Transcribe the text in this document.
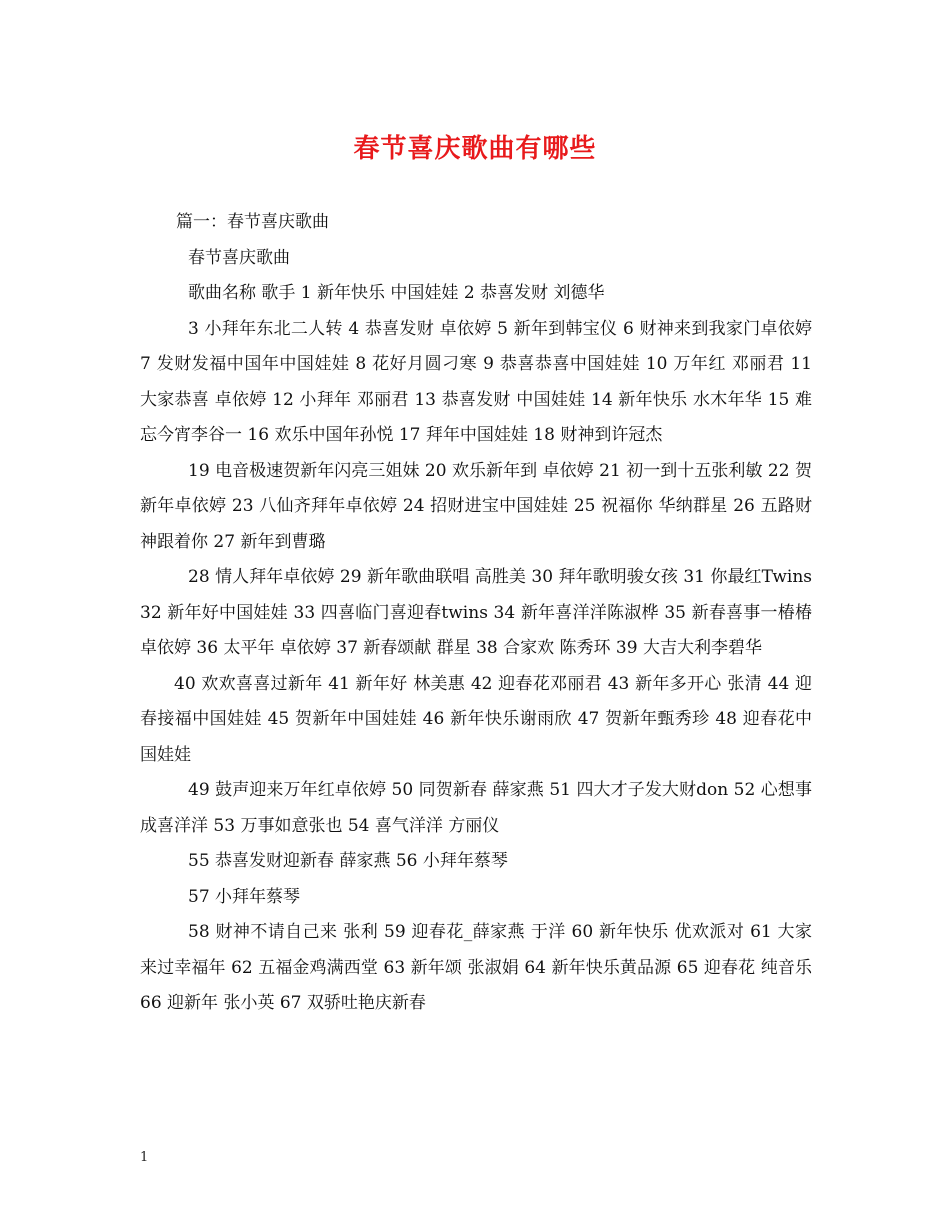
春节喜庆歌曲有哪些

篇一：春节喜庆歌曲

春节喜庆歌曲

歌曲名称 歌手 1 新年快乐 中国娃娃 2 恭喜发财 刘德华

3 小拜年东北二人转 4 恭喜发财 卓依婷 5 新年到韩宝仪 6 财神来到我家门卓依婷 7 发财发福中国年中国娃娃 8 花好月圆刁寒 9 恭喜恭喜中国娃娃 10 万年红 邓丽君 11 大家恭喜 卓依婷 12 小拜年 邓丽君 13 恭喜发财 中国娃娃 14 新年快乐 水木年华 15 难忘今宵李谷一 16 欢乐中国年孙悦 17 拜年中国娃娃 18 财神到许冠杰

19 电音极速贺新年闪亮三姐妹 20 欢乐新年到 卓依婷 21 初一到十五张利敏 22 贺新年卓依婷 23 八仙齐拜年卓依婷 24 招财进宝中国娃娃 25 祝福你 华纳群星 26 五路财神跟着你 27 新年到曹璐

28 情人拜年卓依婷 29 新年歌曲联唱 高胜美 30 拜年歌明骏女孩 31 你最红Twins 32 新年好中国娃娃 33 四喜临门喜迎春twins 34 新年喜洋洋陈淑桦 35 新春喜事一椿椿卓依婷 36 太平年 卓依婷 37 新春颂献 群星 38 合家欢 陈秀环 39 大吉大利李碧华

40 欢欢喜喜过新年 41 新年好 林美惠 42 迎春花邓丽君 43 新年多开心 张清 44 迎春接福中国娃娃 45 贺新年中国娃娃 46 新年快乐谢雨欣 47 贺新年甄秀珍 48 迎春花中国娃娃

49 鼓声迎来万年红卓依婷 50 同贺新春 薛家燕 51 四大才子发大财don 52 心想事成喜洋洋 53 万事如意张也 54 喜气洋洋 方丽仪

55 恭喜发财迎新春 薛家燕 56 小拜年蔡琴

57 小拜年蔡琴

58 财神不请自己来 张利 59 迎春花_薛家燕 于洋 60 新年快乐 优欢派对 61 大家来过幸福年 62 五福金鸡满西堂 63 新年颂 张淑娟 64 新年快乐黄品源 65 迎春花 纯音乐 66 迎新年 张小英 67 双骄吐艳庆新春

1
